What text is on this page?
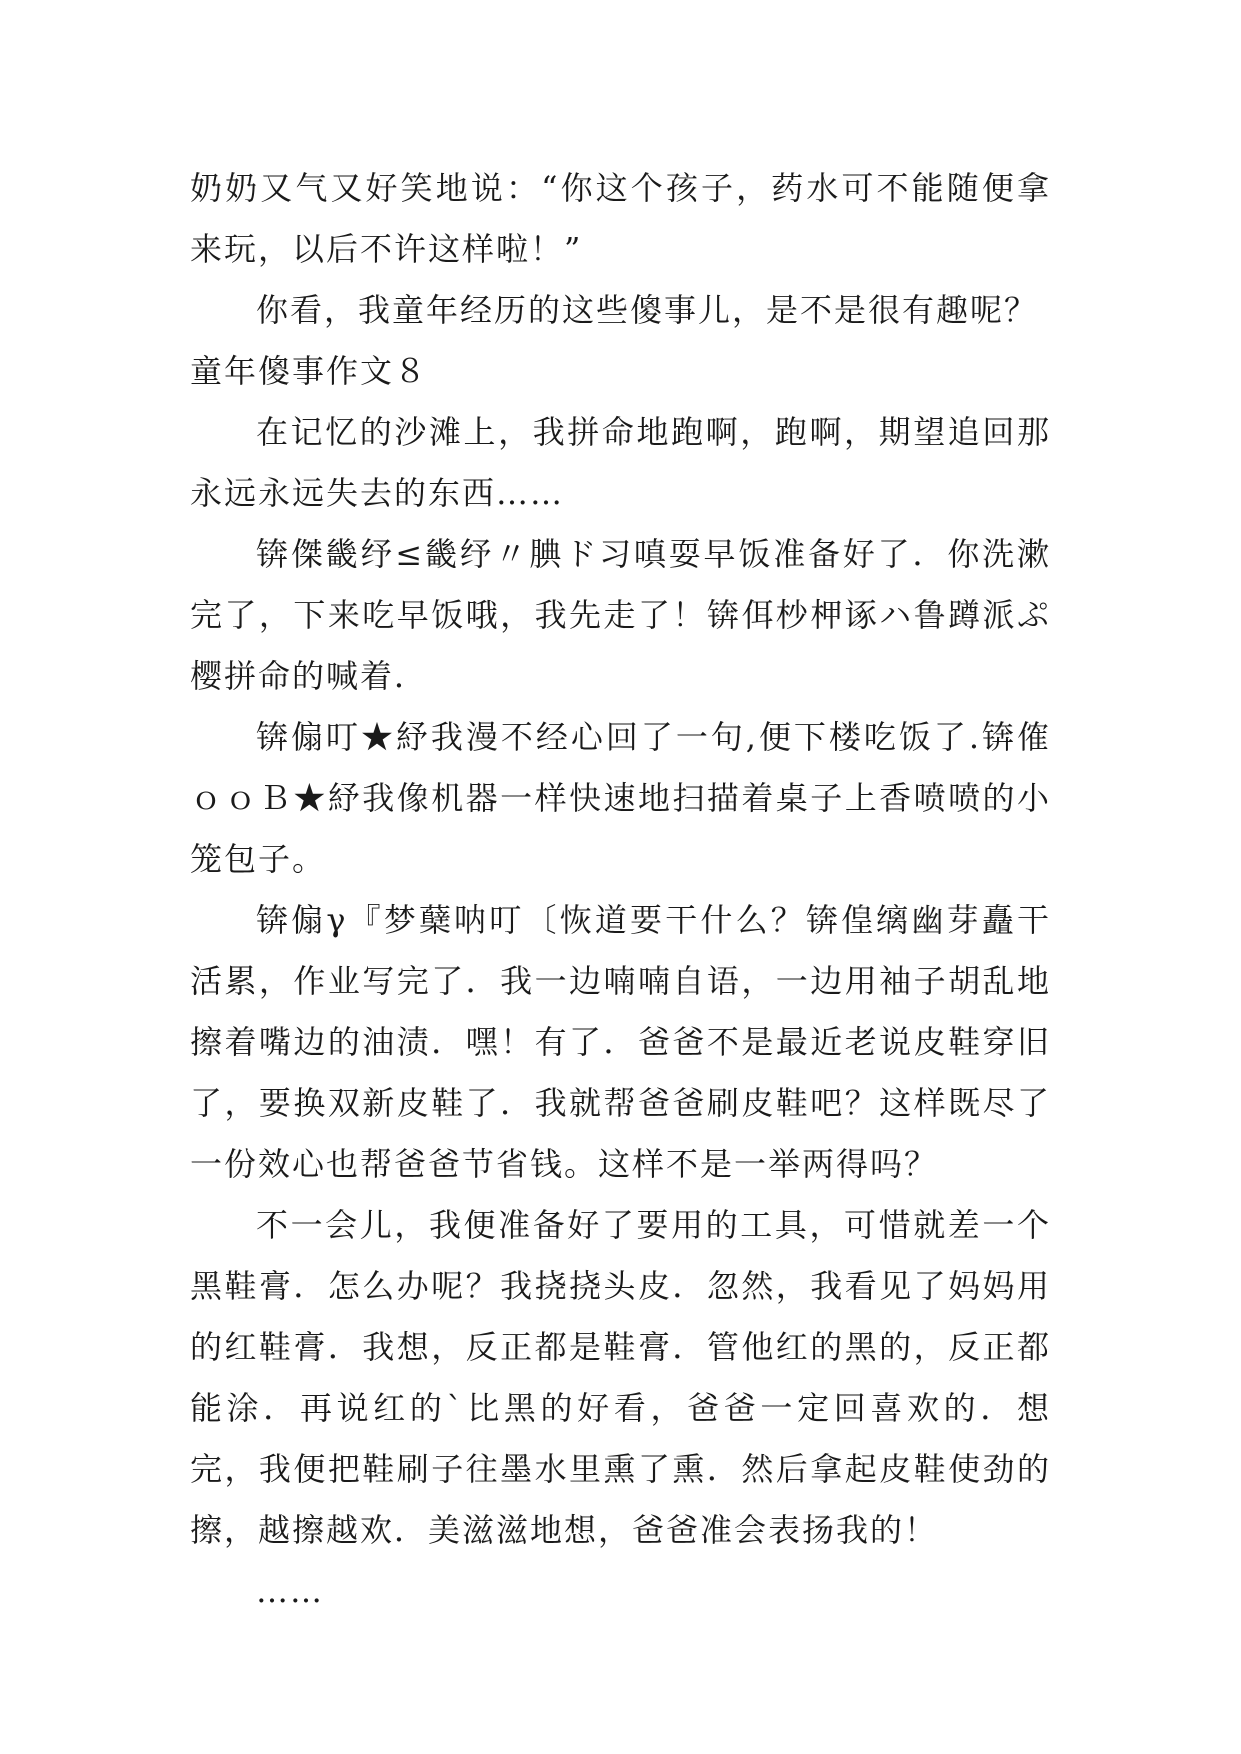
奶奶又气又好笑地说：“你这个孩子，药水可不能随便拿来玩，以后不许这样啦！”

你看，我童年经历的这些傻事儿，是不是很有趣呢？

童年傻事作文８

在记忆的沙滩上，我拼命地跑啊，跑啊，期望追回那永远永远失去的东西……

锛傑畿纾≤畿纾〃腆ド习嗔耍早饭准备好了．你洗漱完了，下来吃早饭哦，我先走了！锛佴杪柙诼ハ鲁蹲派ぷ樱拼命的喊着．

锛傓叮★紓我漫不经心回了一句,便下楼吃饭了.锛傕ｏｏＢ★紓我像机器一样快速地扫描着桌子上香喷喷的小笼包子。

锛傓γ『梦蘖呐叮〔恢道要干什么？锛偟缡幽芽矗干活累，作业写完了．我一边喃喃自语，一边用袖子胡乱地擦着嘴边的油渍．嘿！有了．爸爸不是最近老说皮鞋穿旧了，要换双新皮鞋了．我就帮爸爸刷皮鞋吧？这样既尽了一份效心也帮爸爸节省钱。这样不是一举两得吗？

不一会儿，我便准备好了要用的工具，可惜就差一个黑鞋膏．怎么办呢？我挠挠头皮．忽然，我看见了妈妈用的红鞋膏．我想，反正都是鞋膏．管他红的黑的，反正都能涂．再说红的`比黑的好看，爸爸一定回喜欢的．想完，我便把鞋刷子往墨水里熏了熏．然后拿起皮鞋使劲的擦，越擦越欢．美滋滋地想，爸爸准会表扬我的！

……
